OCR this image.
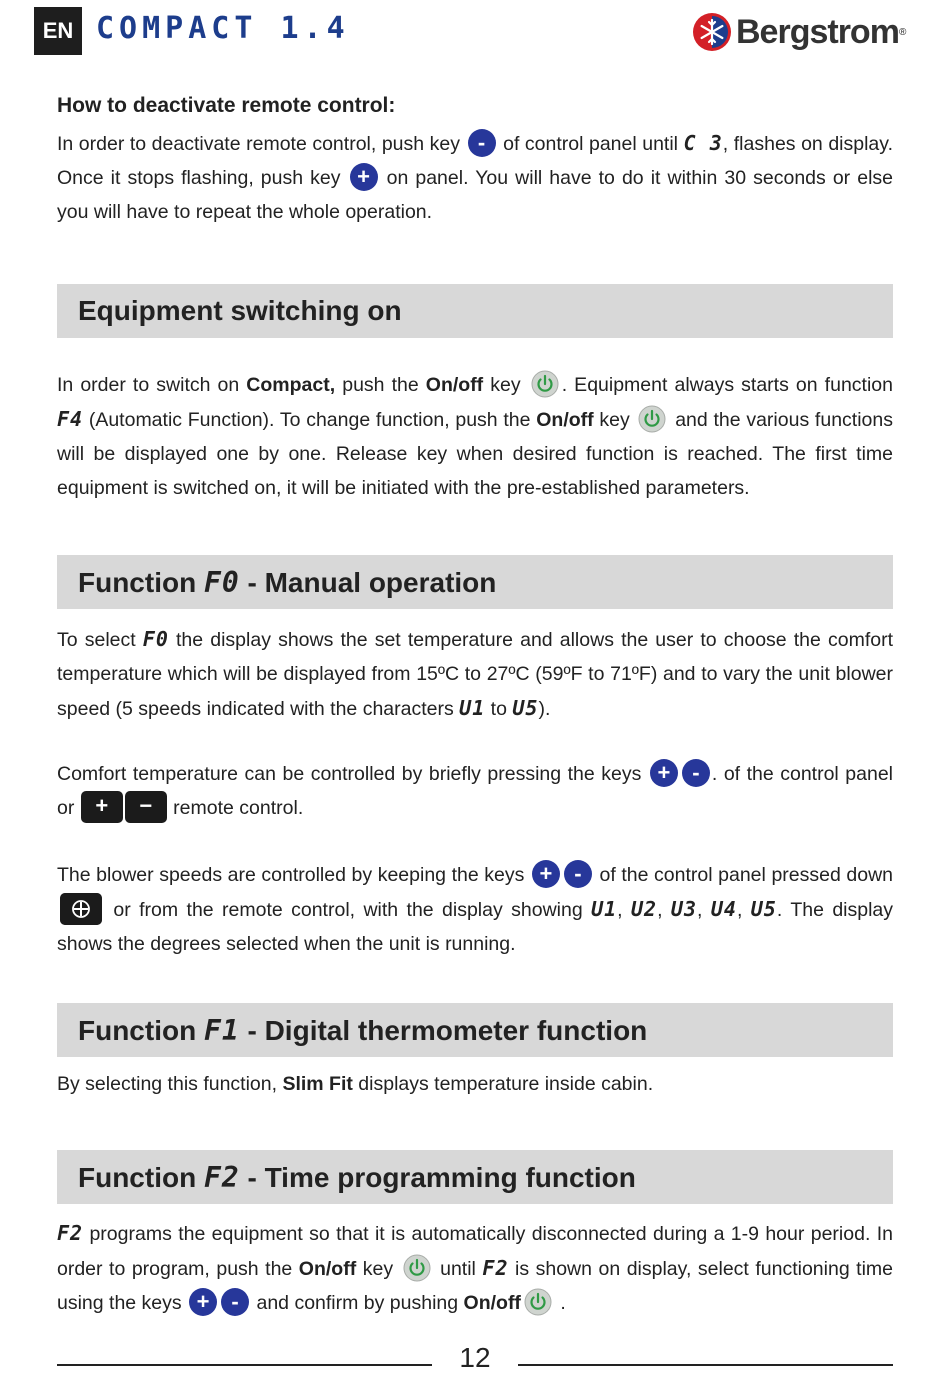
EN COMPACT 1.4	Bergstrom ®
How to deactivate remote control:

In order to deactivate remote control, push key - of control panel until С З, flashes on display. Once it stops flashing, push key + on panel. You will have to do it within 30 seconds or else you will have to repeat the whole operation.

Equipment switching on

In order to switch on Compact, push the On/off key . Equipment always starts on function F4 (Automatic Function). To change function, push the On/off key  and the various functions will be displayed one by one. Release key when desired function is reached. The first time equipment is switched on, it will be initiated with the pre-established parameters.

Function F0 - Manual operation

To select F0 the display shows the set temperature and allows the user to choose the comfort temperature which will be displayed from 15ºC to 27ºC (59ºF to 71ºF) and to vary the unit blower speed (5 speeds indicated with the characters U1 to U5).

Comfort temperature can be controlled by briefly pressing the keys + - . of the control panel or + − remote control.

The blower speeds are controlled by keeping the keys + - of the control panel pressed down  or from the remote control, with the display showing U1, U2, U3, U4, U5. The display shows the degrees selected when the unit is running.

Function F1 - Digital thermometer function

By selecting this function, Slim Fit displays temperature inside cabin.

Function F2 - Time programming function

F2 programs the equipment so that it is automatically disconnected during a 1-9 hour period. In order to program, push the On/off key  until F2 is shown on display, select functioning time using the keys + - and confirm by pushing On/off .

12
